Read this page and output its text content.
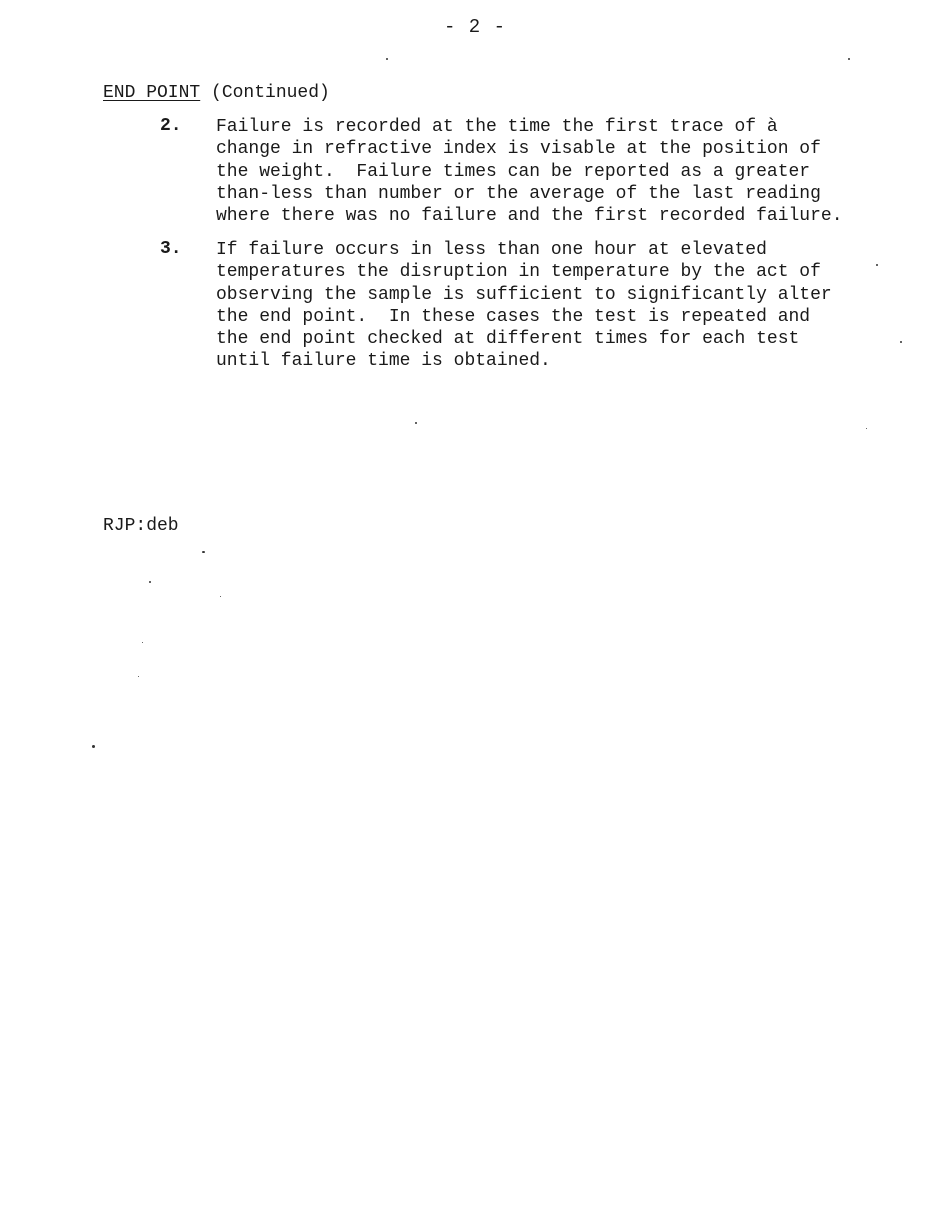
- 2 -
END POINT (Continued)
2. Failure is recorded at the time the first trace of à
change in refractive index is visable at the position of
the weight.  Failure times can be reported as a greater
than-less than number or the average of the last reading
where there was no failure and the first recorded failure.
3. If failure occurs in less than one hour at elevated
temperatures the disruption in temperature by the act of
observing the sample is sufficient to significantly alter
the end point.  In these cases the test is repeated and
the end point checked at different times for each test
until failure time is obtained.
RJP:deb
